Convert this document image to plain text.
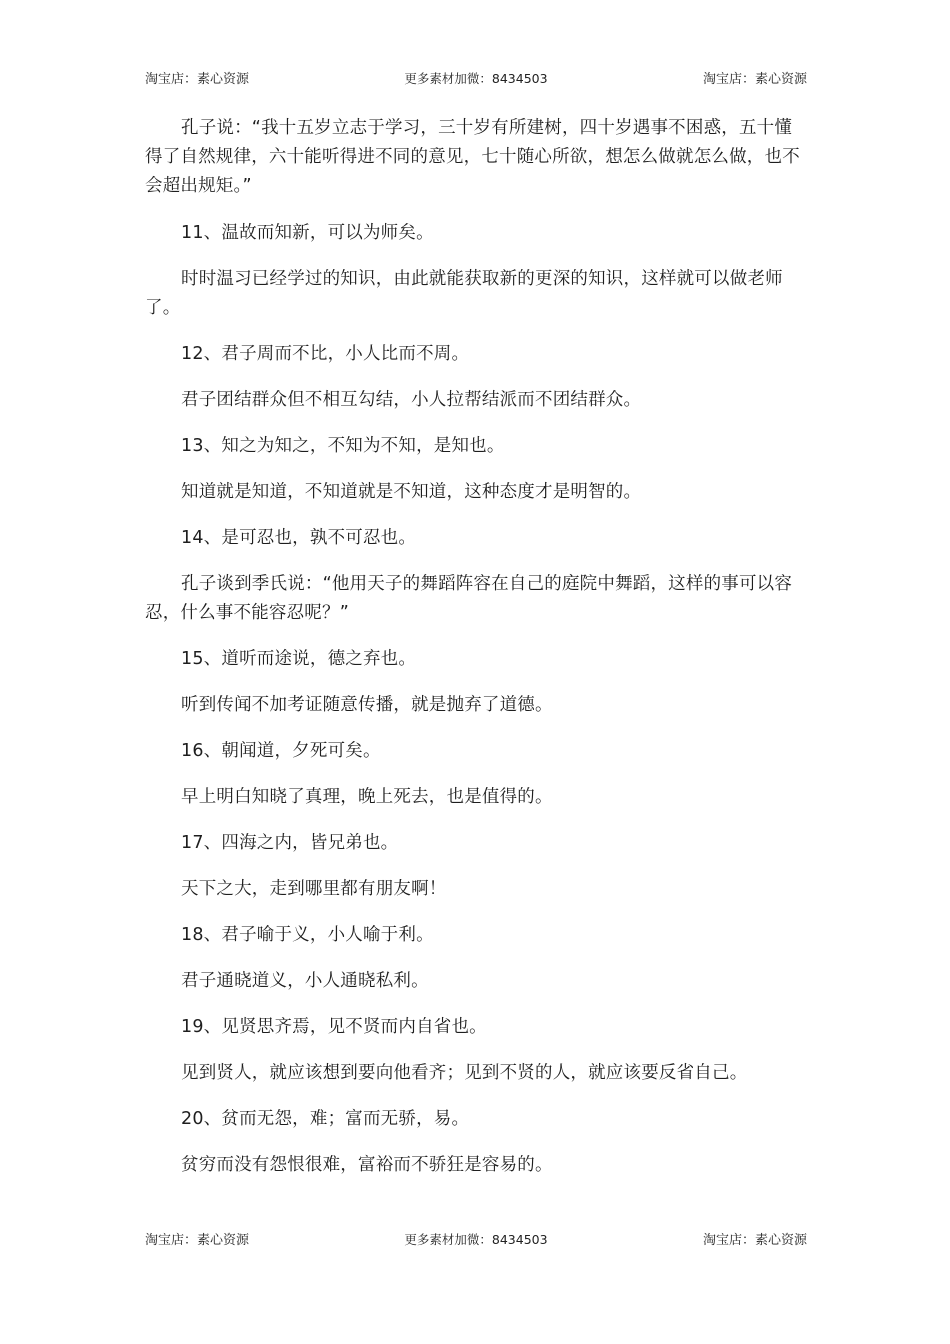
淘宝店：素心资源	更多素材加微：8434503	淘宝店：素心资源

孔子说：“我十五岁立志于学习，三十岁有所建树，四十岁遇事不困惑，五十懂得了自然规律，六十能听得进不同的意见，七十随心所欲，想怎么做就怎么做，也不会超出规矩。”

11、温故而知新，可以为师矣。

时时温习已经学过的知识，由此就能获取新的更深的知识，这样就可以做老师了。

12、君子周而不比，小人比而不周。

君子团结群众但不相互勾结，小人拉帮结派而不团结群众。

13、知之为知之，不知为不知，是知也。

知道就是知道，不知道就是不知道，这种态度才是明智的。

14、是可忍也，孰不可忍也。

孔子谈到季氏说：“他用天子的舞蹈阵容在自己的庭院中舞蹈，这样的事可以容忍，什么事不能容忍呢？”

15、道听而途说，德之弃也。

听到传闻不加考证随意传播，就是抛弃了道德。

16、朝闻道，夕死可矣。

早上明白知晓了真理，晚上死去，也是值得的。

17、四海之内，皆兄弟也。

天下之大，走到哪里都有朋友啊！

18、君子喻于义，小人喻于利。

君子通晓道义，小人通晓私利。

19、见贤思齐焉，见不贤而内自省也。

见到贤人，就应该想到要向他看齐；见到不贤的人，就应该要反省自己。

20、贫而无怨，难；富而无骄，易。

贫穷而没有怨恨很难，富裕而不骄狂是容易的。

淘宝店：素心资源	更多素材加微：8434503	淘宝店：素心资源
